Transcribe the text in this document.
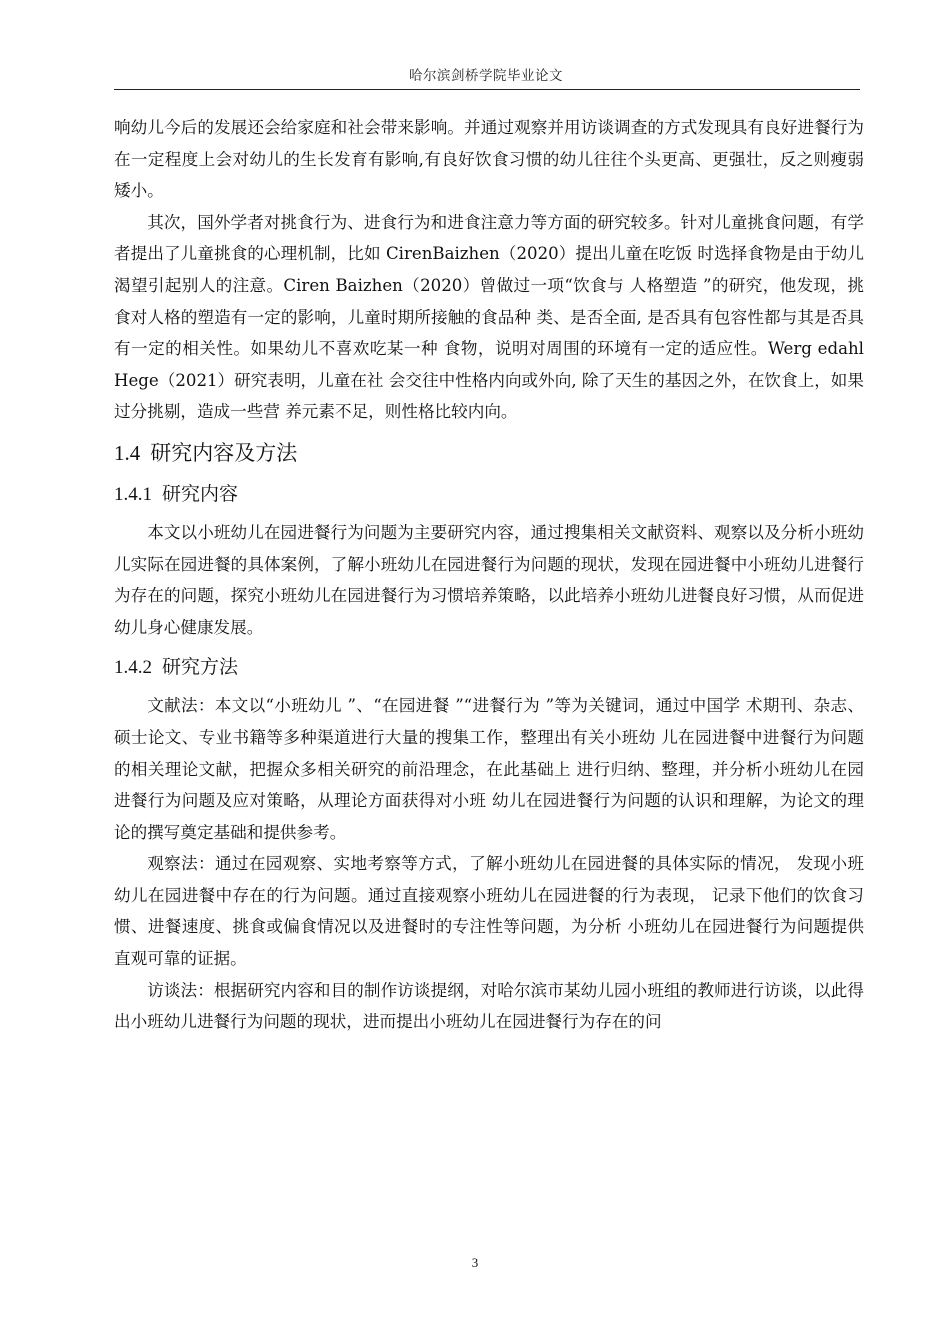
哈尔滨剑桥学院毕业论文

响幼儿今后的发展还会给家庭和社会带来影响。并通过观察并用访谈调查的方式发现具有良好进餐行为在一定程度上会对幼儿的生长发育有影响,有良好饮食习惯的幼儿往往个头更高、更强壮，反之则瘦弱矮小。

其次，国外学者对挑食行为、进食行为和进食注意力等方面的研究较多。针对儿童挑食问题，有学者提出了儿童挑食的心理机制，比如 CirenBaizhen（2020）提出儿童在吃饭 时选择食物是由于幼儿渴望引起别人的注意。Ciren Baizhen（2020）曾做过一项“饮食与 人格塑造 ”的研究，他发现，挑食对人格的塑造有一定的影响，儿童时期所接触的食品种 类、是否全面, 是否具有包容性都与其是否具有一定的相关性。如果幼儿不喜欢吃某一种 食物，说明对周围的环境有一定的适应性。Werg edahl Hege（2021）研究表明，儿童在社 会交往中性格内向或外向, 除了天生的基因之外，在饮食上，如果过分挑剔，造成一些营 养元素不足，则性格比较内向。

1.4 研究内容及方法
1.4.1 研究内容

本文以小班幼儿在园进餐行为问题为主要研究内容，通过搜集相关文献资料、观察以及分析小班幼儿实际在园进餐的具体案例，了解小班幼儿在园进餐行为问题的现状，发现在园进餐中小班幼儿进餐行为存在的问题，探究小班幼儿在园进餐行为习惯培养策略，以此培养小班幼儿进餐良好习惯，从而促进幼儿身心健康发展。

1.4.2 研究方法

文献法：本文以“小班幼儿 ”、“在园进餐 ”“进餐行为 ”等为关键词，通过中国学 术期刊、杂志、硕士论文、专业书籍等多种渠道进行大量的搜集工作，整理出有关小班幼 儿在园进餐中进餐行为问题的相关理论文献，把握众多相关研究的前沿理念，在此基础上 进行归纳、整理，并分析小班幼儿在园进餐行为问题及应对策略，从理论方面获得对小班 幼儿在园进餐行为问题的认识和理解，为论文的理论的撰写奠定基础和提供参考。

观察法：通过在园观察、实地考察等方式，了解小班幼儿在园进餐的具体实际的情况， 发现小班幼儿在园进餐中存在的行为问题。通过直接观察小班幼儿在园进餐的行为表现， 记录下他们的饮食习惯、进餐速度、挑食或偏食情况以及进餐时的专注性等问题，为分析 小班幼儿在园进餐行为问题提供直观可靠的证据。

访谈法：根据研究内容和目的制作访谈提纲，对哈尔滨市某幼儿园小班组的教师进行访谈，以此得出小班幼儿进餐行为问题的现状，进而提出小班幼儿在园进餐行为存在的问

3
